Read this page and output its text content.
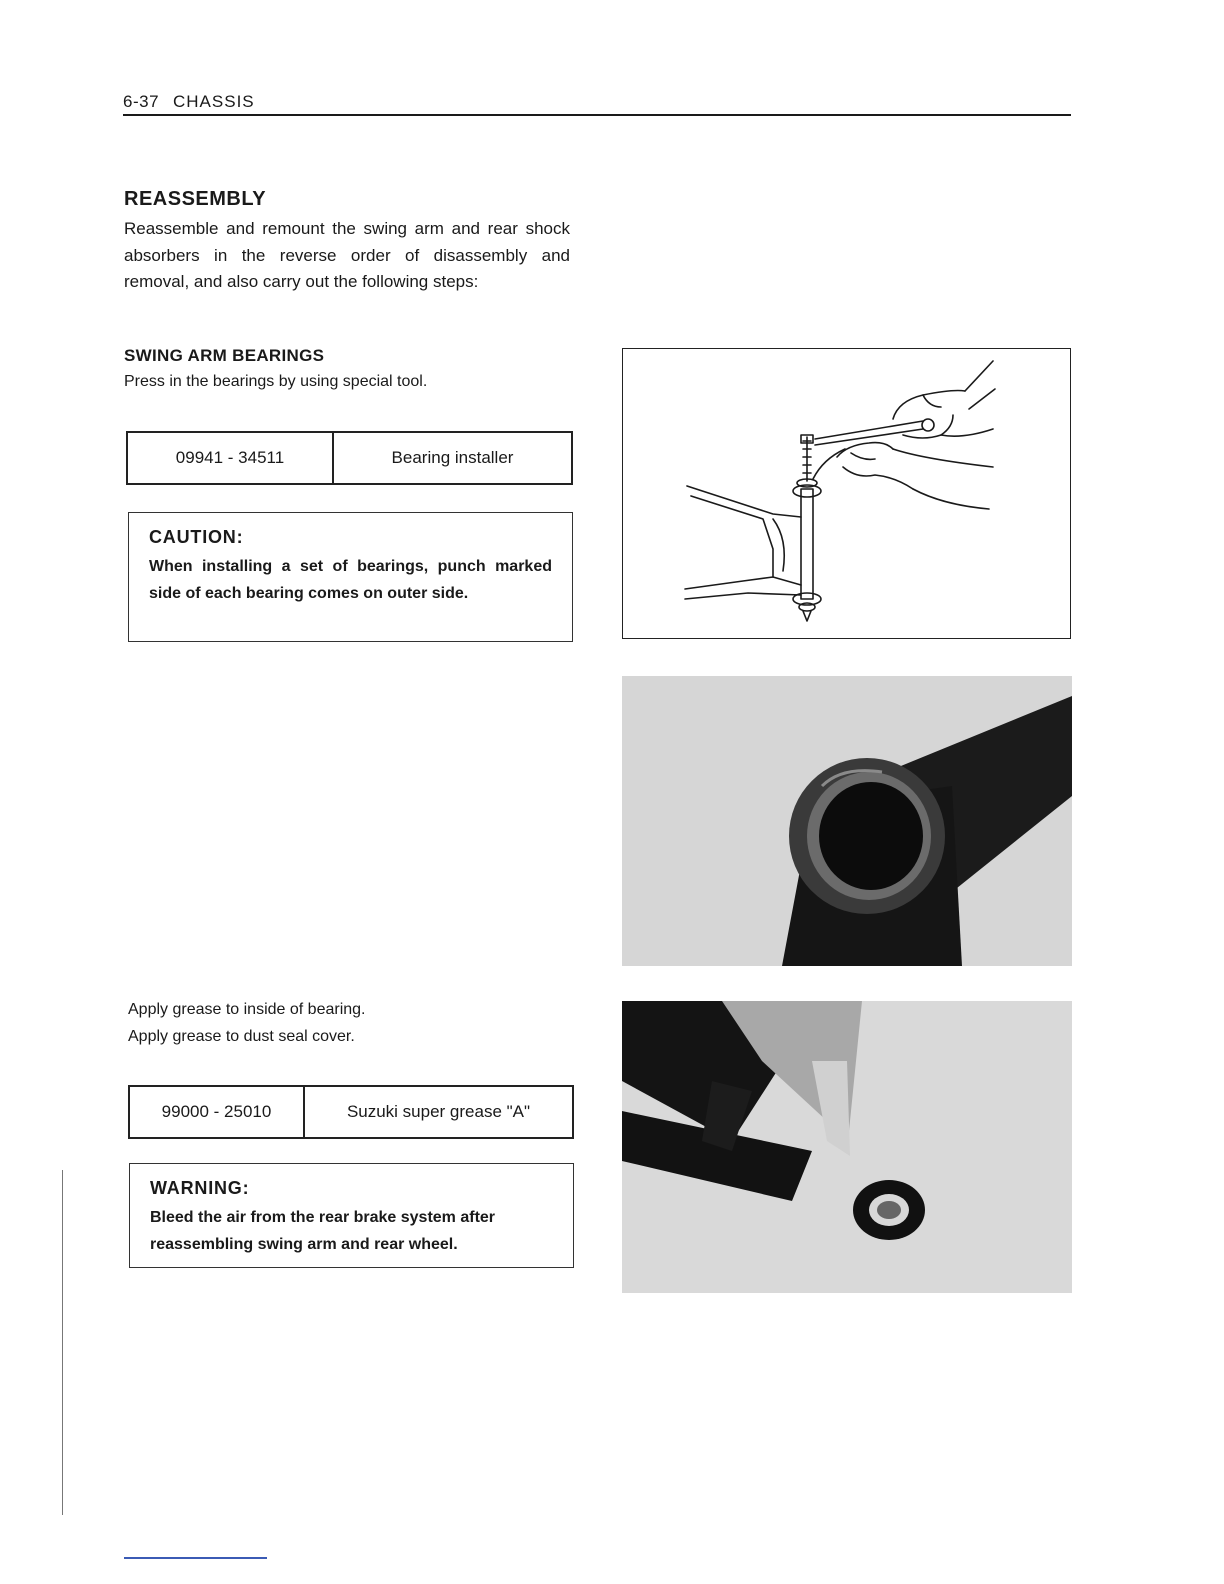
6-37 CHASSIS
REASSEMBLY

Reassemble and remount the swing arm and rear shock absorbers in the reverse order of disassembly and removal, and also carry out the following steps:

SWING ARM BEARINGS

Press in the bearings by using special tool.

09941 - 34511	Bearing installer
CAUTION:
When installing a set of bearings, punch marked side of each bearing comes on outer side.

Apply grease to inside of bearing.
Apply grease to dust seal cover.

99000 - 25010	Suzuki super grease "A"
WARNING:
Bleed the air from the rear brake system after reassembling swing arm and rear wheel.
